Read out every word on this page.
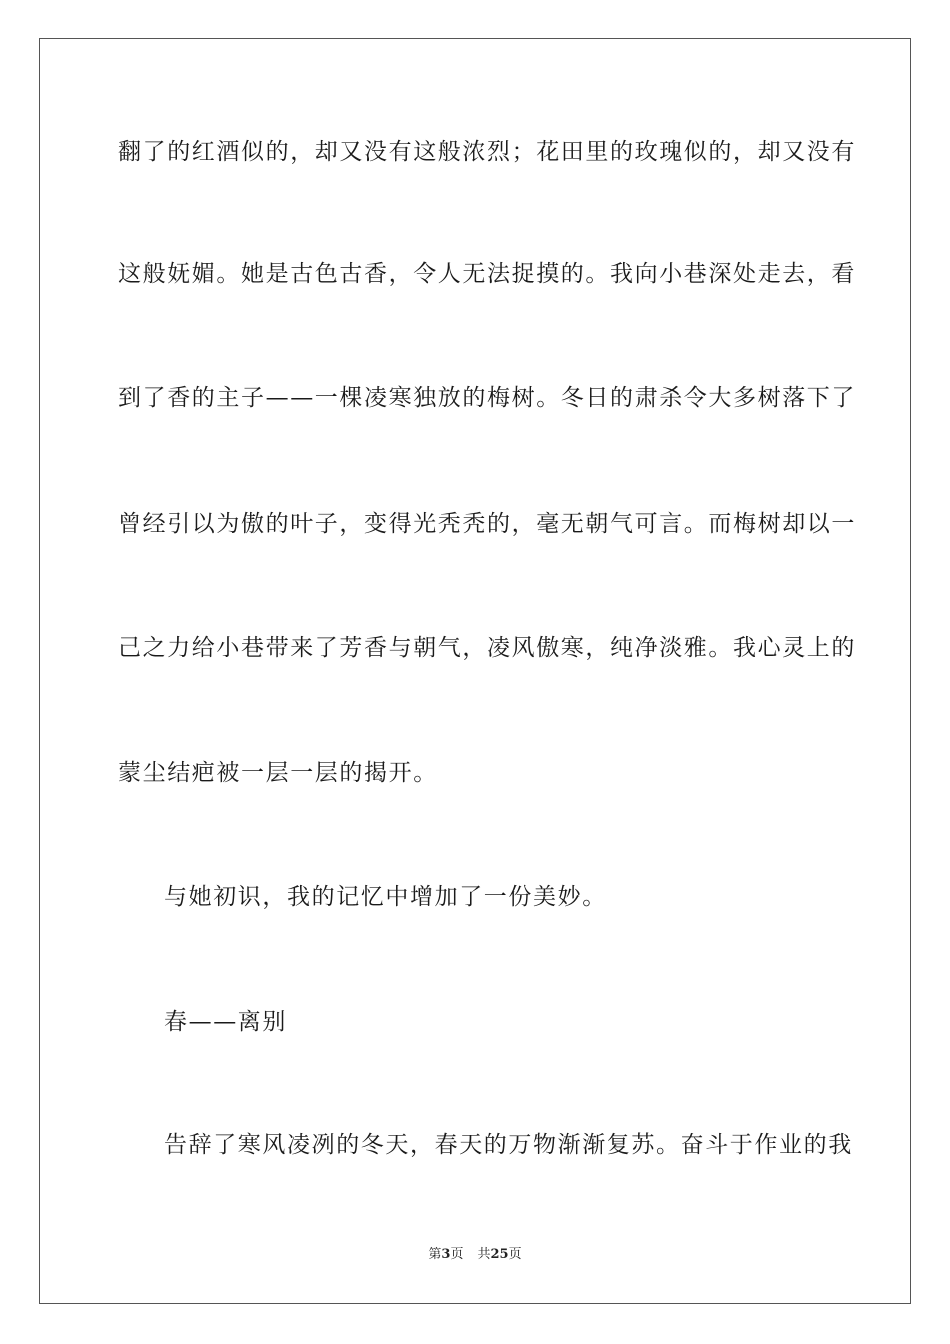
翻了的红酒似的，却又没有这般浓烈；花田里的玫瑰似的，却又没有
这般妩媚。她是古色古香，令人无法捉摸的。我向小巷深处走去，看
到了香的主子——一棵凌寒独放的梅树。冬日的肃杀令大多树落下了
曾经引以为傲的叶子，变得光秃秃的，毫无朝气可言。而梅树却以一
己之力给小巷带来了芳香与朝气，凌风傲寒，纯净淡雅。我心灵上的
蒙尘结疤被一层一层的揭开。
与她初识，我的记忆中增加了一份美妙。
春——离别
告辞了寒风凌冽的冬天，春天的万物渐渐复苏。奋斗于作业的我
第3页 共25页
